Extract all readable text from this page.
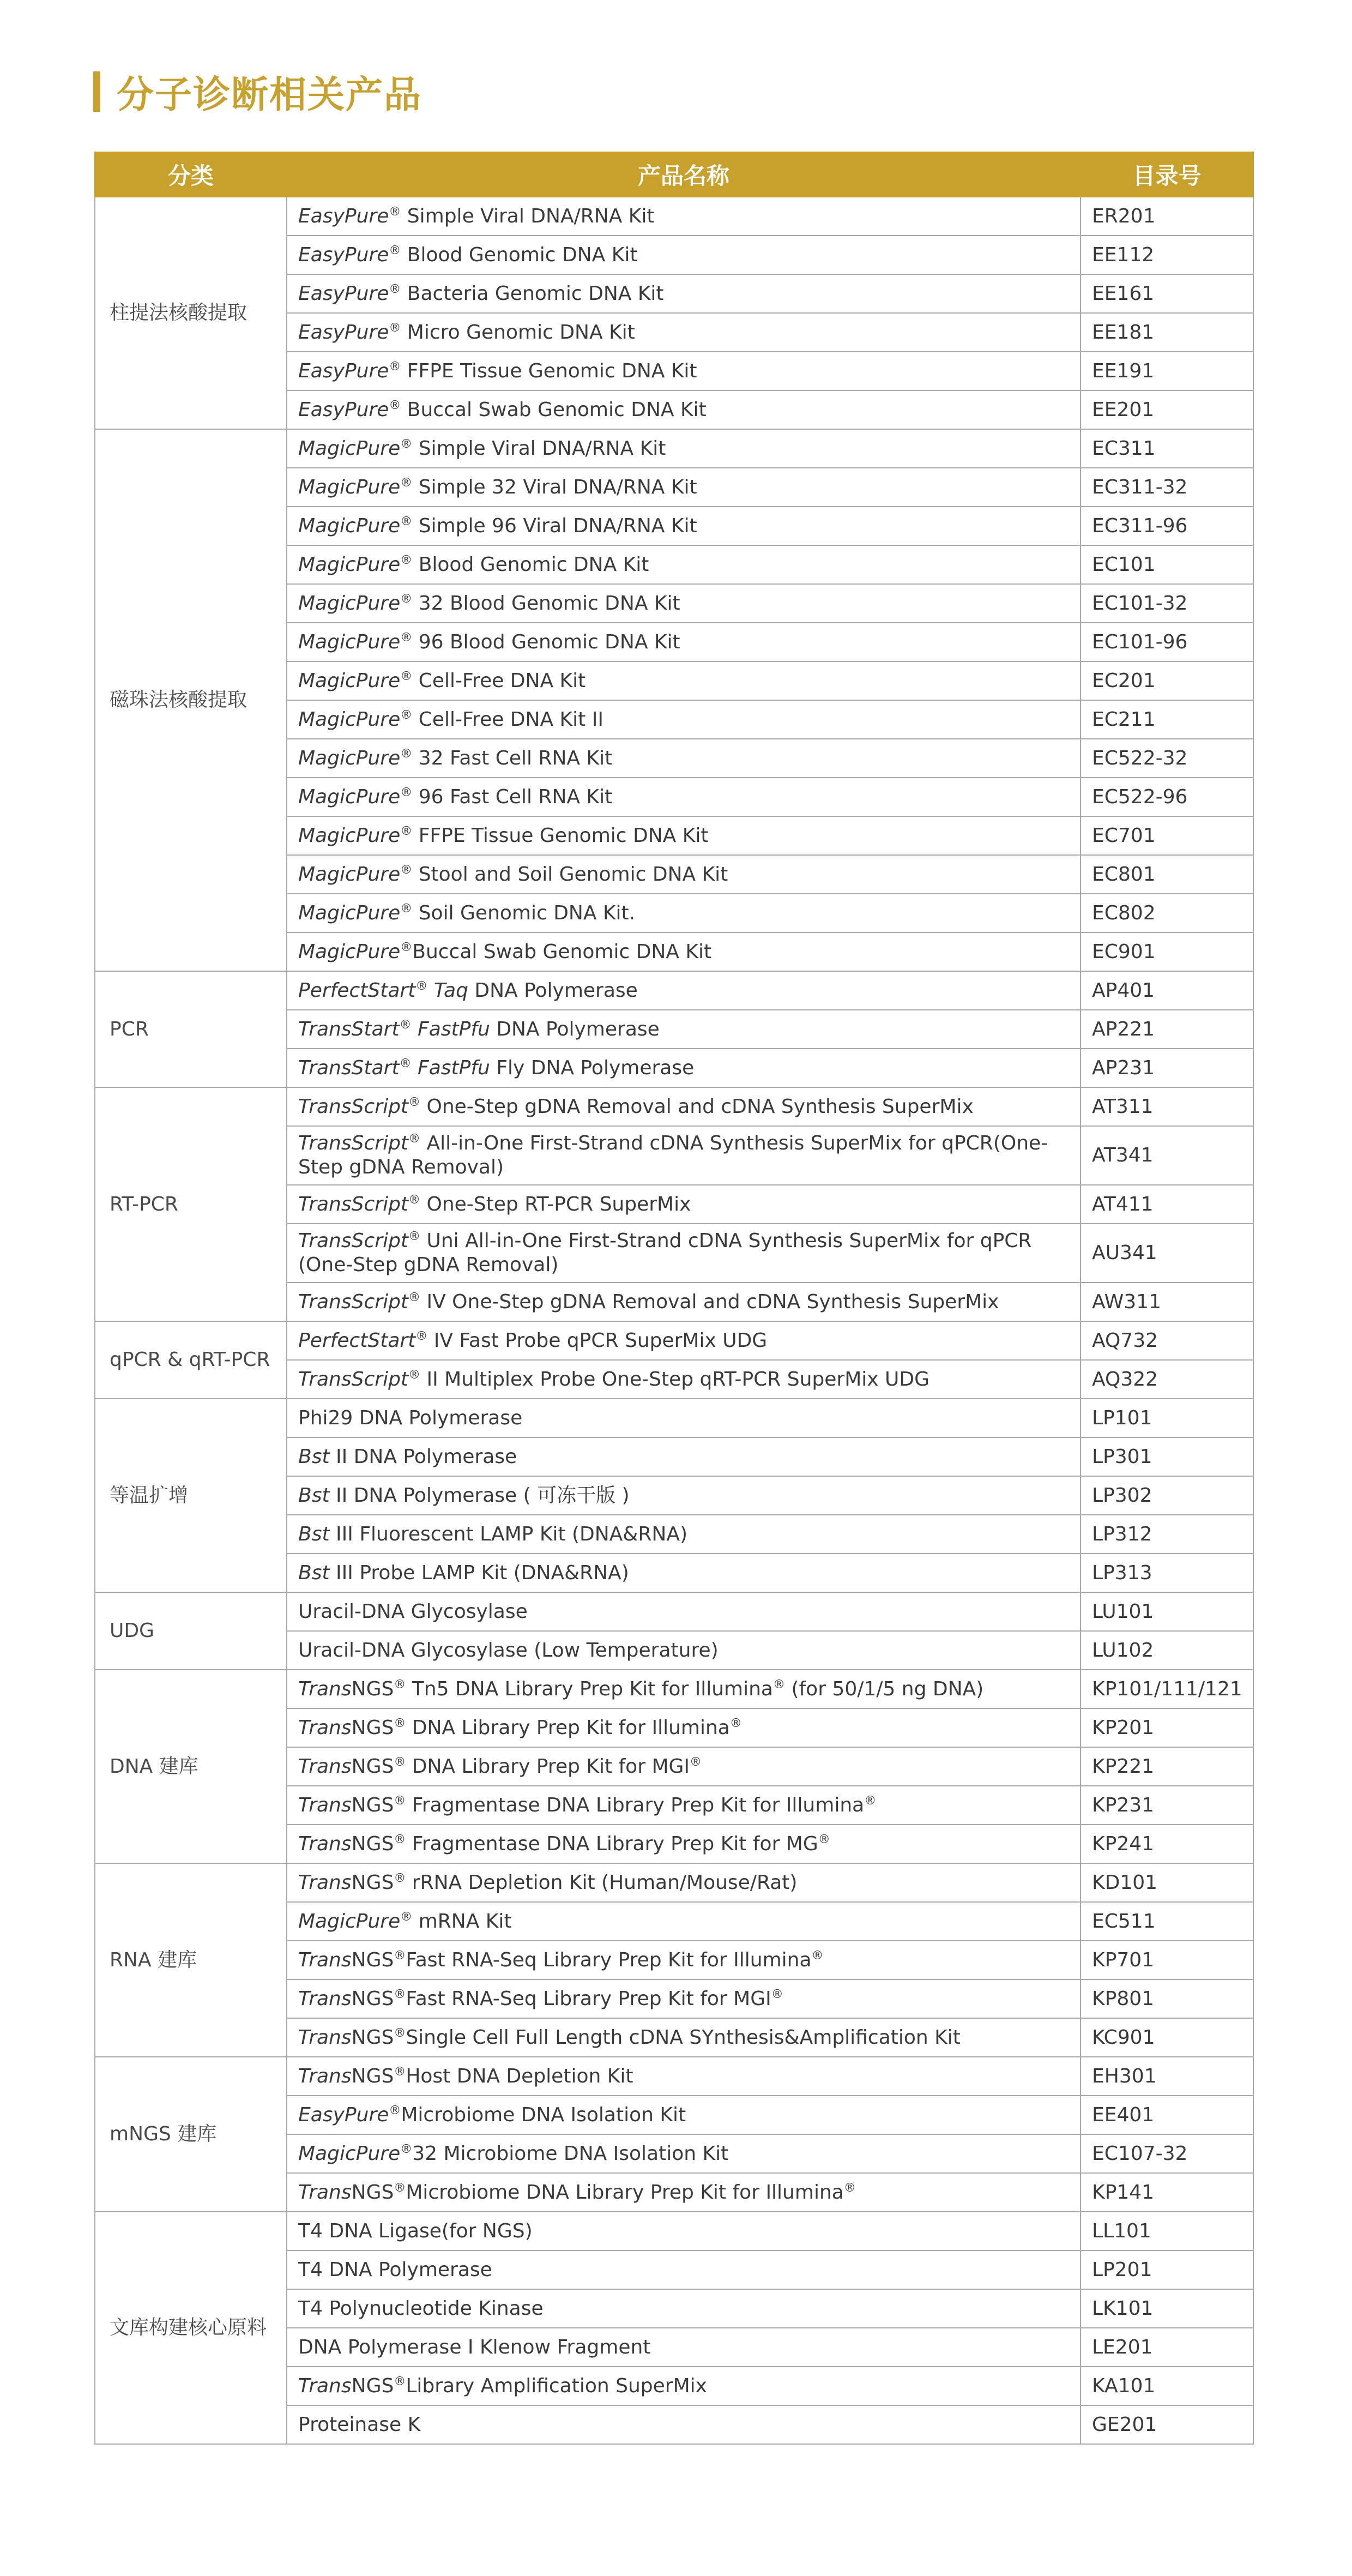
分子诊断相关产品
分类	产品名称	目录号
柱提法核酸提取	EasyPure® Simple Viral DNA/RNA Kit	ER201
	EasyPure® Blood Genomic DNA Kit	EE112
	EasyPure® Bacteria Genomic DNA Kit	EE161
	EasyPure® Micro Genomic DNA Kit	EE181
	EasyPure® FFPE Tissue Genomic DNA Kit	EE191
	EasyPure® Buccal Swab Genomic DNA Kit	EE201
磁珠法核酸提取	MagicPure® Simple Viral DNA/RNA Kit	EC311
	MagicPure® Simple 32 Viral DNA/RNA Kit	EC311-32
	MagicPure® Simple 96 Viral DNA/RNA Kit	EC311-96
	MagicPure® Blood Genomic DNA Kit	EC101
	MagicPure® 32 Blood Genomic DNA Kit	EC101-32
	MagicPure® 96 Blood Genomic DNA Kit	EC101-96
	MagicPure® Cell-Free DNA Kit	EC201
	MagicPure® Cell-Free DNA Kit II	EC211
	MagicPure® 32 Fast Cell RNA Kit	EC522-32
	MagicPure® 96 Fast Cell RNA Kit	EC522-96
	MagicPure® FFPE Tissue Genomic DNA Kit	EC701
	MagicPure® Stool and Soil Genomic DNA Kit	EC801
	MagicPure® Soil Genomic DNA Kit.	EC802
	MagicPure®Buccal Swab Genomic DNA Kit	EC901
PCR	PerfectStart® Taq DNA Polymerase	AP401
	TransStart® FastPfu DNA Polymerase	AP221
	TransStart® FastPfu Fly DNA Polymerase	AP231
RT-PCR	TransScript® One-Step gDNA Removal and cDNA Synthesis SuperMix	AT311
	TransScript® All-in-One First-Strand cDNA Synthesis SuperMix for qPCR(One-Step gDNA Removal)	AT341
	TransScript® One-Step RT-PCR SuperMix	AT411
	TransScript® Uni All-in-One First-Strand cDNA Synthesis SuperMix for qPCR (One-Step gDNA Removal)	AU341
	TransScript® IV One-Step gDNA Removal and cDNA Synthesis SuperMix	AW311
qPCR & qRT-PCR	PerfectStart® IV Fast Probe qPCR SuperMix UDG	AQ732
	TransScript® II Multiplex Probe One-Step qRT-PCR SuperMix UDG	AQ322
等温扩增	Phi29 DNA Polymerase	LP101
	Bst II DNA Polymerase	LP301
	Bst II DNA Polymerase ( 可冻干版 )	LP302
	Bst III Fluorescent LAMP Kit (DNA&RNA)	LP312
	Bst III Probe LAMP Kit (DNA&RNA)	LP313
UDG	Uracil-DNA Glycosylase	LU101
	Uracil-DNA Glycosylase (Low Temperature)	LU102
DNA 建库	TransNGS® Tn5 DNA Library Prep Kit for Illumina® (for 50/1/5 ng DNA)	KP101/111/121
	TransNGS® DNA Library Prep Kit for Illumina®	KP201
	TransNGS® DNA Library Prep Kit for MGI®	KP221
	TransNGS® Fragmentase DNA Library Prep Kit for Illumina®	KP231
	TransNGS® Fragmentase DNA Library Prep Kit for MG®	KP241
RNA 建库	TransNGS® rRNA Depletion Kit (Human/Mouse/Rat)	KD101
	MagicPure® mRNA Kit	EC511
	TransNGS®Fast RNA-Seq Library Prep Kit for Illumina®	KP701
	TransNGS®Fast RNA-Seq Library Prep Kit for MGI®	KP801
	TransNGS®Single Cell Full Length cDNA SYnthesis&Amplification Kit	KC901
mNGS 建库	TransNGS®Host DNA Depletion Kit	EH301
	EasyPure®Microbiome DNA Isolation Kit	EE401
	MagicPure®32 Microbiome DNA Isolation Kit	EC107-32
	TransNGS®Microbiome DNA Library Prep Kit for Illumina®	KP141
文库构建核心原料	T4 DNA Ligase(for NGS)	LL101
	T4 DNA Polymerase	LP201
	T4 Polynucleotide Kinase	LK101
	DNA Polymerase I Klenow Fragment	LE201
	TransNGS®Library Amplification SuperMix	KA101
	Proteinase K	GE201
